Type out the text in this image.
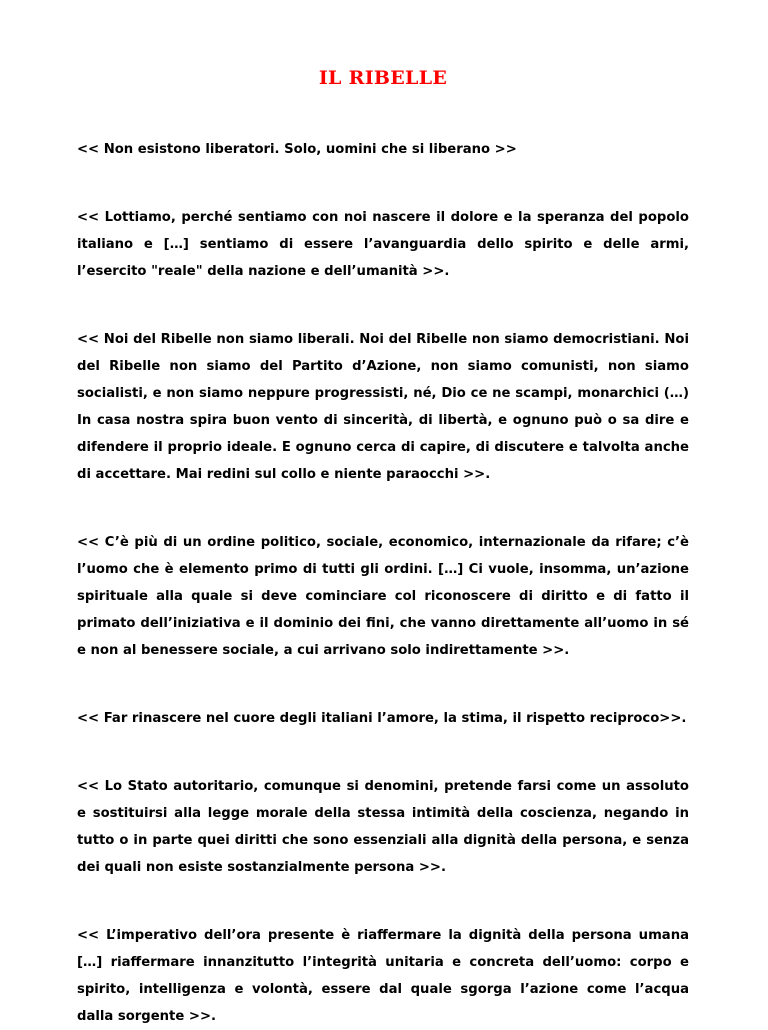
IL RIBELLE

<< Non esistono liberatori. Solo, uomini che si liberano >>

<< Lottiamo, perché sentiamo con noi nascere il dolore e la speranza del popolo italiano e […] sentiamo di essere l’avanguardia dello spirito e delle armi, l’esercito "reale" della nazione e dell’umanità >>.

<< Noi del Ribelle non siamo liberali. Noi del Ribelle non siamo democristiani. Noi del Ribelle non siamo del Partito d’Azione, non siamo comunisti, non siamo socialisti, e non siamo neppure progressisti, né, Dio ce ne scampi, monarchici (…) In casa nostra spira buon vento di sincerità, di libertà, e ognuno può o sa dire e difendere il proprio ideale. E ognuno cerca di capire, di discutere e talvolta anche di accettare. Mai redini sul collo e niente paraocchi >>.

<< C’è più di un ordine politico, sociale, economico, internazionale da rifare; c’è l’uomo che è elemento primo di tutti gli ordini. […] Ci vuole, insomma, un’azione spirituale alla quale si deve cominciare col riconoscere di diritto e di fatto il primato dell’iniziativa e il dominio dei fini, che vanno direttamente all’uomo in sé e non al benessere sociale, a cui arrivano solo indirettamente >>.

<< Far rinascere nel cuore degli italiani l’amore, la stima, il rispetto reciproco>>.

<< Lo Stato autoritario, comunque si denomini, pretende farsi come un assoluto e sostituirsi alla legge morale della stessa intimità della coscienza, negando in tutto o in parte quei diritti che sono essenziali alla dignità della persona, e senza dei quali non esiste sostanzialmente persona >>.

<< L’imperativo dell’ora presente è riaffermare la dignità della persona umana […] riaffermare innanzitutto l’integrità unitaria e concreta dell’uomo: corpo e spirito, intelligenza e volontà, essere dal quale sgorga l’azione come l’acqua dalla sorgente >>.
